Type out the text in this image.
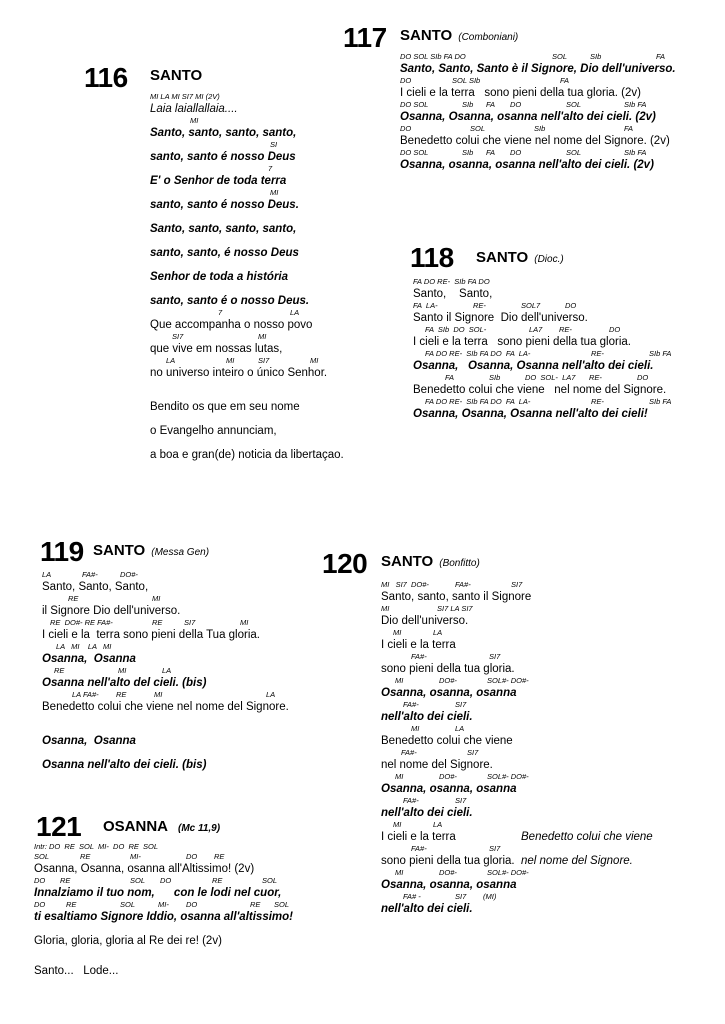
116 SANTO
MI LA MI SI7 MI (2V)
Laia laiallallaia....
MI
Santo, santo, santo, santo,
SI
santo, santo é nosso Deus
7
E' o Senhor de toda terra
MI
santo, santo é nosso Deus.
Santo, santo, santo, santo,
santo, santo, é nosso Deus
Senhor de toda a história
santo, santo é o nosso Deus.
7	LA
Que accompanha o nosso povo
SI7	MI
que vive em nossas lutas,
LA	MI	SI7	MI
no universo inteiro o único Senhor.
Bendito os que em seu nome
o Evangelho annunciam,
a boa e gran(de) noticia da libertaçao.
117 SANTO (Comboniani)
DO SOL SIb FA DO	SOL	SIb	FA
Santo, Santo, Santo è il Signore, Dio dell'universo.
DO	SOL SIb	FA
I cieli e la terra   sono pieni della tua gloria. (2v)
DO SOL	SIb FA DO	SOL	SIb FA
Osanna, Osanna, osanna nell'alto dei cieli. (2v)
DO	SOL	SIb	FA
Benedetto colui che viene nel nome del Signore. (2v)
DO SOL	SIb FA DO	SOL	SIb FA
Osanna, osanna, osanna nell'alto dei cieli. (2v)
118 SANTO (Dioc.)
FA DO RE-  SIb FA DO
Santo,    Santo,
FA  LA-	RE-	SOL7	DO
Santo il Signore  Dio dell'universo.
FA  SIb  DO  SOL-	LA7 RE-	DO
I cieli e la terra   sono pieni della tua gloria.
FA DO RE-  SIb FA DO  FA  LA-	RE-	SIb FA
Osanna,   Osanna, Osanna nell'alto dei cieli.
FA	SIb	DO  SOL-  LA7 RE-	DO
Benedetto colui che viene   nel nome del Signore.
FA DO RE-  SIb FA DO  FA  LA-	RE-	SIb FA
Osanna, Osanna, Osanna nell'alto dei cieli!
119 SANTO (Messa Gen)
LA	FA#-	DO#-
Santo, Santo, Santo,
RE	MI
il Signore Dio dell'universo.
RE  DO#- RE FA#-	RE	SI7	MI
I cieli e la  terra sono pieni della Tua gloria.
LA   MI    LA   MI
Osanna,  Osanna
RE	MI	LA
Osanna nell'alto del cieli. (bis)
LA FA#- RE	MI	LA
Benedetto colui che viene nel nome del Signore.
Osanna,  Osanna
Osanna nell'alto dei cieli. (bis)
120 SANTO (Bonfitto)
MI   SI7  DO#-	FA#-	SI7
Santo, santo, santo il Signore
MI	SI7 LA SI7
Dio dell'universo.
MI	LA
I cieli e la terra
FA#-	SI7
sono pieni della tua gloria.
MI	DO#-	SOL#- DO#-
Osanna, osanna, osanna
FA#-	SI7
nell'alto dei cieli.
MI	LA
Benedetto colui che viene
FA#-	SI7
nel nome del Signore.
MI	DO#-	SOL#- DO#-
Osanna, osanna, osanna
FA#-	SI7
nell'alto dei cieli.
MI	LA
I cieli e la terra	Benedetto colui che viene
FA#-	SI7
sono pieni della tua gloria. nel nome del Signore.
MI	DO#-	SOL#- DO#-
Osanna, osanna, osanna
FA# -	SI7 (MI)
nell'alto dei cieli.
121 OSANNA (Mc 11,9)
Intr: DO  RE  SOL  MI-  DO  RE  SOL
SOL	RE	MI-	DO RE
Osanna, Osanna, osanna all'Altissimo! (2v)
DO RE	SOL DO	RE	SOL
Innalziamo il tuo nom,      con le lodi nel cuor,
DO	RE	SOL	MI- DO	RE SOL
ti esaltiamo Signore Iddio, osanna all'altissimo!
Gloria, gloria, gloria al Re dei re! (2v)
Santo...   Lode...
